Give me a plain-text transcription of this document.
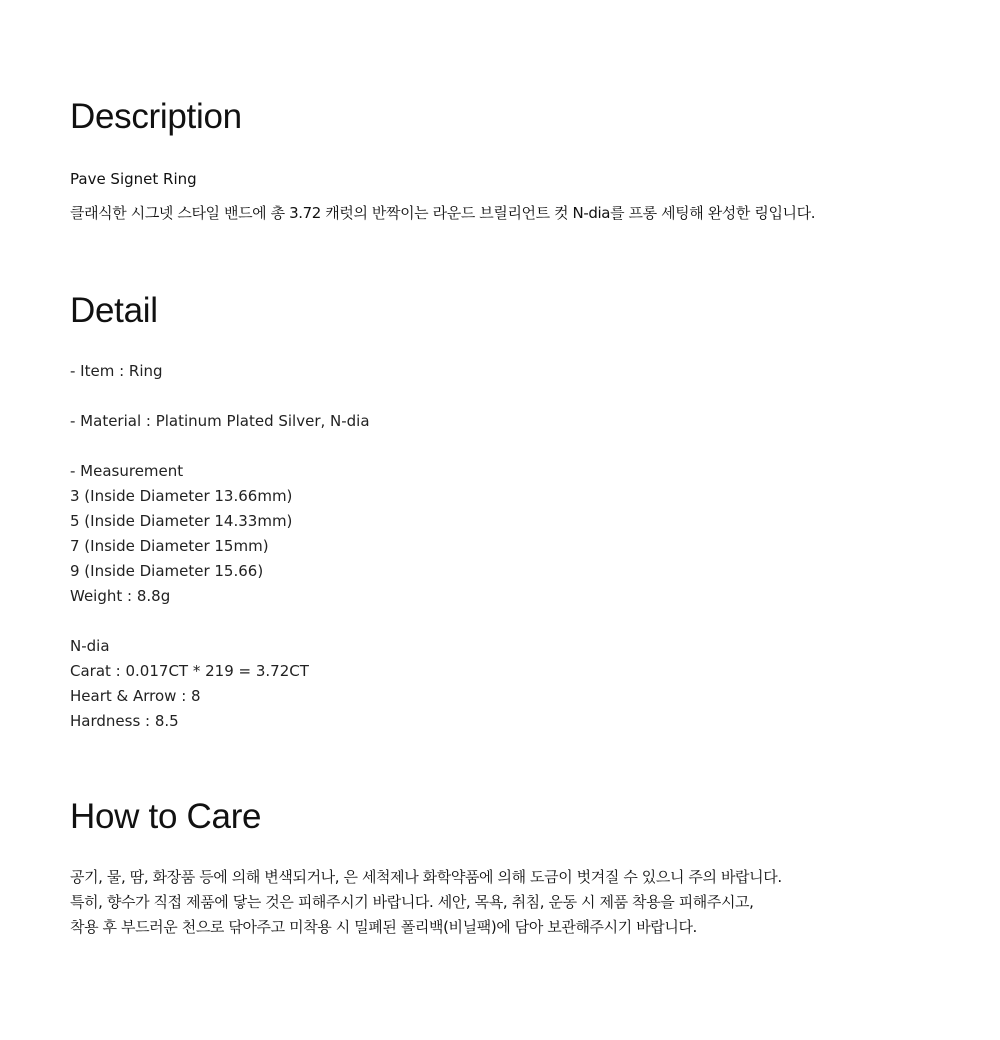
Description

Pave Signet Ring

클래식한 시그넷 스타일 밴드에 총 3.72 캐럿의 반짝이는 라운드 브릴리언트 컷 N-dia를 프롱 세팅해 완성한 링입니다.

Detail
- Item : Ring
- Material : Platinum Plated Silver, N-dia
- Measurement
3 (Inside Diameter 13.66mm)
5 (Inside Diameter 14.33mm)
7 (Inside Diameter 15mm)
9 (Inside Diameter 15.66)
Weight : 8.8g
N-dia
Carat : 0.017CT * 219 = 3.72CT
Heart & Arrow : 8
Hardness : 8.5
How to Care
공기, 물, 땀, 화장품 등에 의해 변색되거나, 은 세척제나 화학약품에 의해 도금이 벗겨질 수 있으니 주의 바랍니다.
특히, 향수가 직접 제품에 닿는 것은 피해주시기 바랍니다. 세안, 목욕, 취침, 운동 시 제품 착용을 피해주시고,
착용 후 부드러운 천으로 닦아주고 미착용 시 밀폐된 폴리백(비닐팩)에 담아 보관해주시기 바랍니다.
